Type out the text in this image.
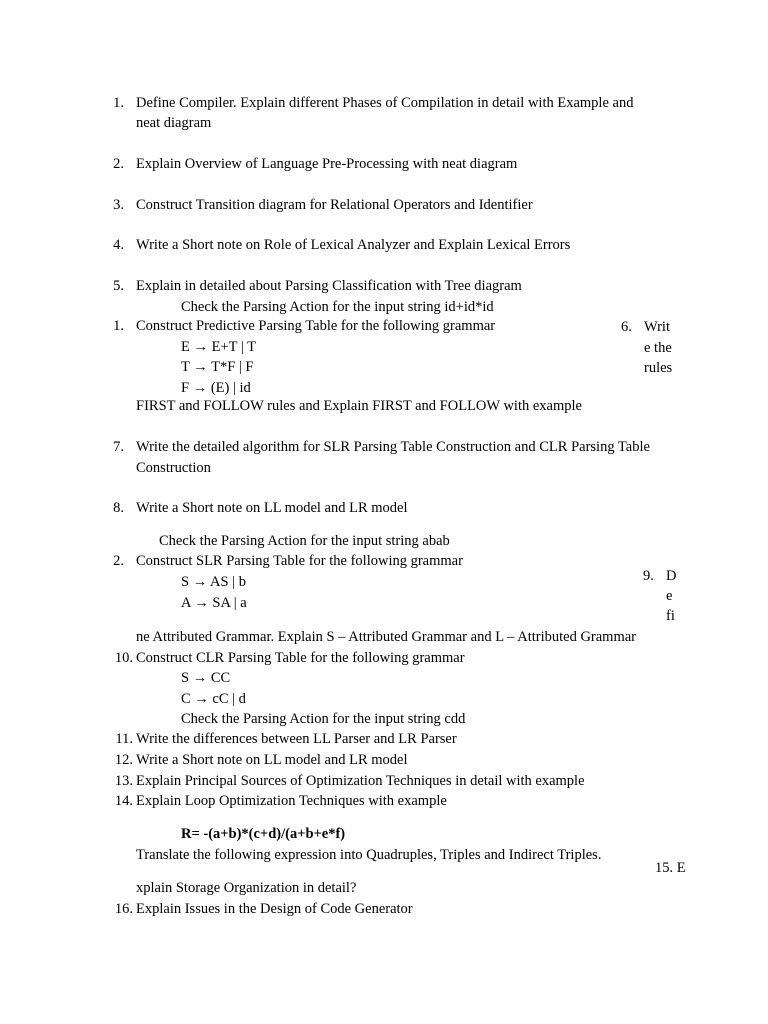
1. Define Compiler. Explain different Phases of Compilation in detail with Example and
neat diagram
2. Explain Overview of Language Pre-Processing with neat diagram
3. Construct Transition diagram for Relational Operators and Identifier
4. Write a Short note on Role of Lexical Analyzer and Explain Lexical Errors
5. Explain in detailed about Parsing Classification with Tree diagram
Check the Parsing Action for the input string id+id*id
1. Construct Predictive Parsing Table for the following grammar
E → E+T | T
T → T*F | F
F → (E) | id
6. Writ
e the
rules
FIRST and FOLLOW rules and Explain FIRST and FOLLOW with example
7. Write the detailed algorithm for SLR Parsing Table Construction and CLR Parsing Table
Construction
8. Write a Short note on LL model and LR model
Check the Parsing Action for the input string abab
2. Construct SLR Parsing Table for the following grammar
S → AS | b
A → SA | a
9. D
e
fi
ne Attributed Grammar. Explain S – Attributed Grammar and L – Attributed Grammar
10. Construct CLR Parsing Table for the following grammar
S → CC
C → cC | d
Check the Parsing Action for the input string cdd
11. Write the differences between LL Parser and LR Parser
12. Write a Short note on LL model and LR model
13. Explain Principal Sources of Optimization Techniques in detail with example
14. Explain Loop Optimization Techniques with example
R= -(a+b)*(c+d)/(a+b+e*f)
Translate the following expression into Quadruples, Triples and Indirect Triples.
15. E
xplain Storage Organization in detail?
16. Explain Issues in the Design of Code Generator
